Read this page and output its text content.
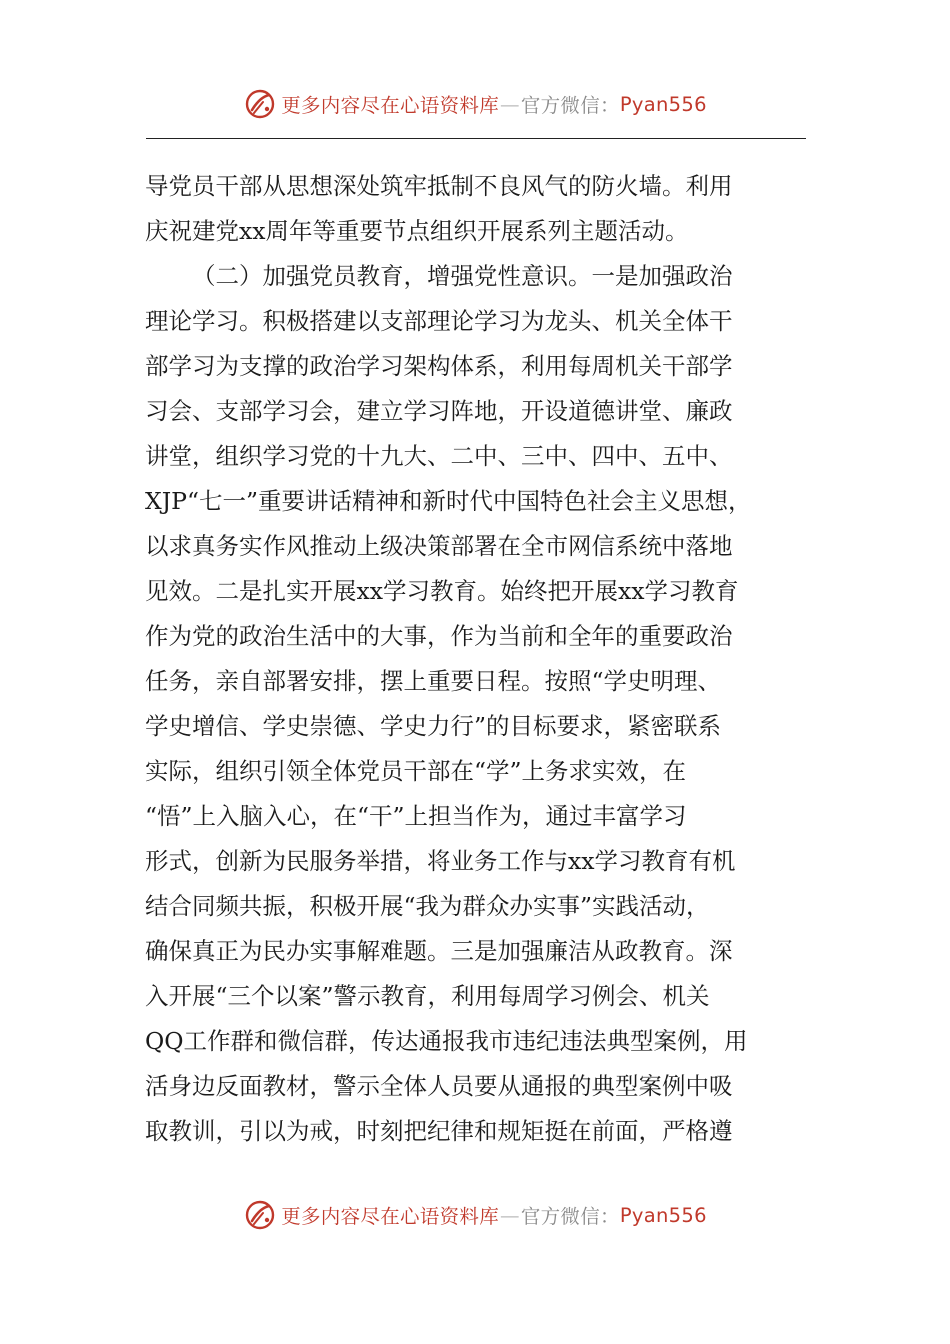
更多内容尽在心语资料库 — 官方微信： Pyan556
导党员干部从思想深处筑牢抵制不良风气的防火墙。利用
庆祝建党xx周年等重要节点组织开展系列主题活动。
（二）加强党员教育，增强党性意识。一是加强政治
理论学习。积极搭建以支部理论学习为龙头、机关全体干
部学习为支撑的政治学习架构体系，利用每周机关干部学
习会、支部学习会，建立学习阵地，开设道德讲堂、廉政
讲堂，组织学习党的十九大、二中、三中、四中、五中、
XJP“七一”重要讲话精神和新时代中国特色社会主义思想，
以求真务实作风推动上级决策部署在全市网信系统中落地
见效。二是扎实开展xx学习教育。始终把开展xx学习教育
作为党的政治生活中的大事，作为当前和全年的重要政治
任务，亲自部署安排，摆上重要日程。按照“学史明理、
学史增信、学史崇德、学史力行”的目标要求，紧密联系
实际，组织引领全体党员干部在“学”上务求实效，在
“悟”上入脑入心，在“干”上担当作为，通过丰富学习
形式，创新为民服务举措，将业务工作与xx学习教育有机
结合同频共振，积极开展“我为群众办实事”实践活动，
确保真正为民办实事解难题。三是加强廉洁从政教育。深
入开展“三个以案”警示教育，利用每周学习例会、机关
QQ工作群和微信群，传达通报我市违纪违法典型案例，用
活身边反面教材，警示全体人员要从通报的典型案例中吸
取教训，引以为戒，时刻把纪律和规矩挺在前面，严格遵
更多内容尽在心语资料库 — 官方微信： Pyan556
